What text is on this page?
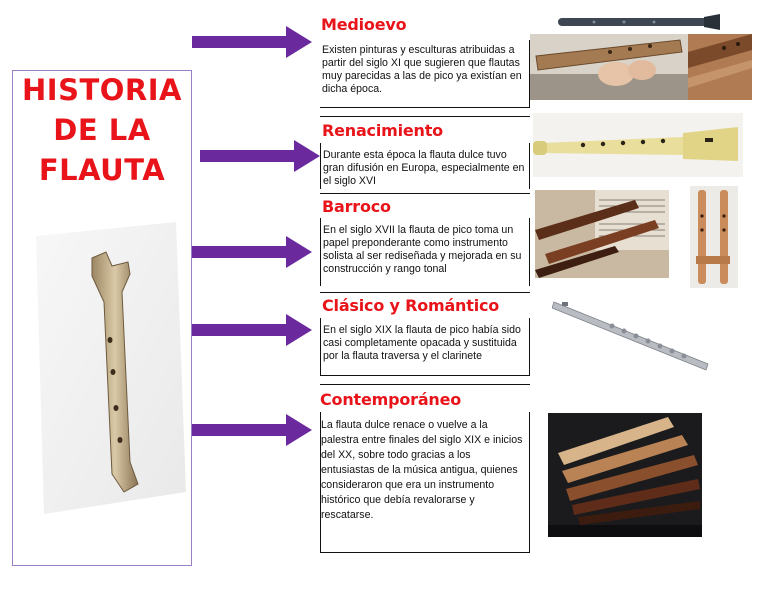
HISTORIA
DE LA
FLAUTA
Medioevo
Existen pinturas y esculturas atribuidas a partir del siglo XI que sugieren que flautas muy parecidas a las de pico ya existían en dicha época.
Renacimiento
Durante esta época la flauta dulce tuvo gran difusión en Europa, especialmente en el siglo XVI
Barroco
En el siglo XVII la flauta de pico toma un papel preponderante como instrumento solista al ser rediseñada y mejorada en su construcción y rango tonal
Clásico y Romántico
En el siglo XIX la flauta de pico había sido casi completamente opacada y sustituida por la flauta traversa y el clarinete
Contemporáneo
La flauta dulce renace o vuelve a la palestra entre finales del siglo XIX e inicios del XX, sobre todo gracias a los entusiastas de la música antigua, quienes consideraron que era un instrumento histórico que debía revalorarse y rescatarse.
